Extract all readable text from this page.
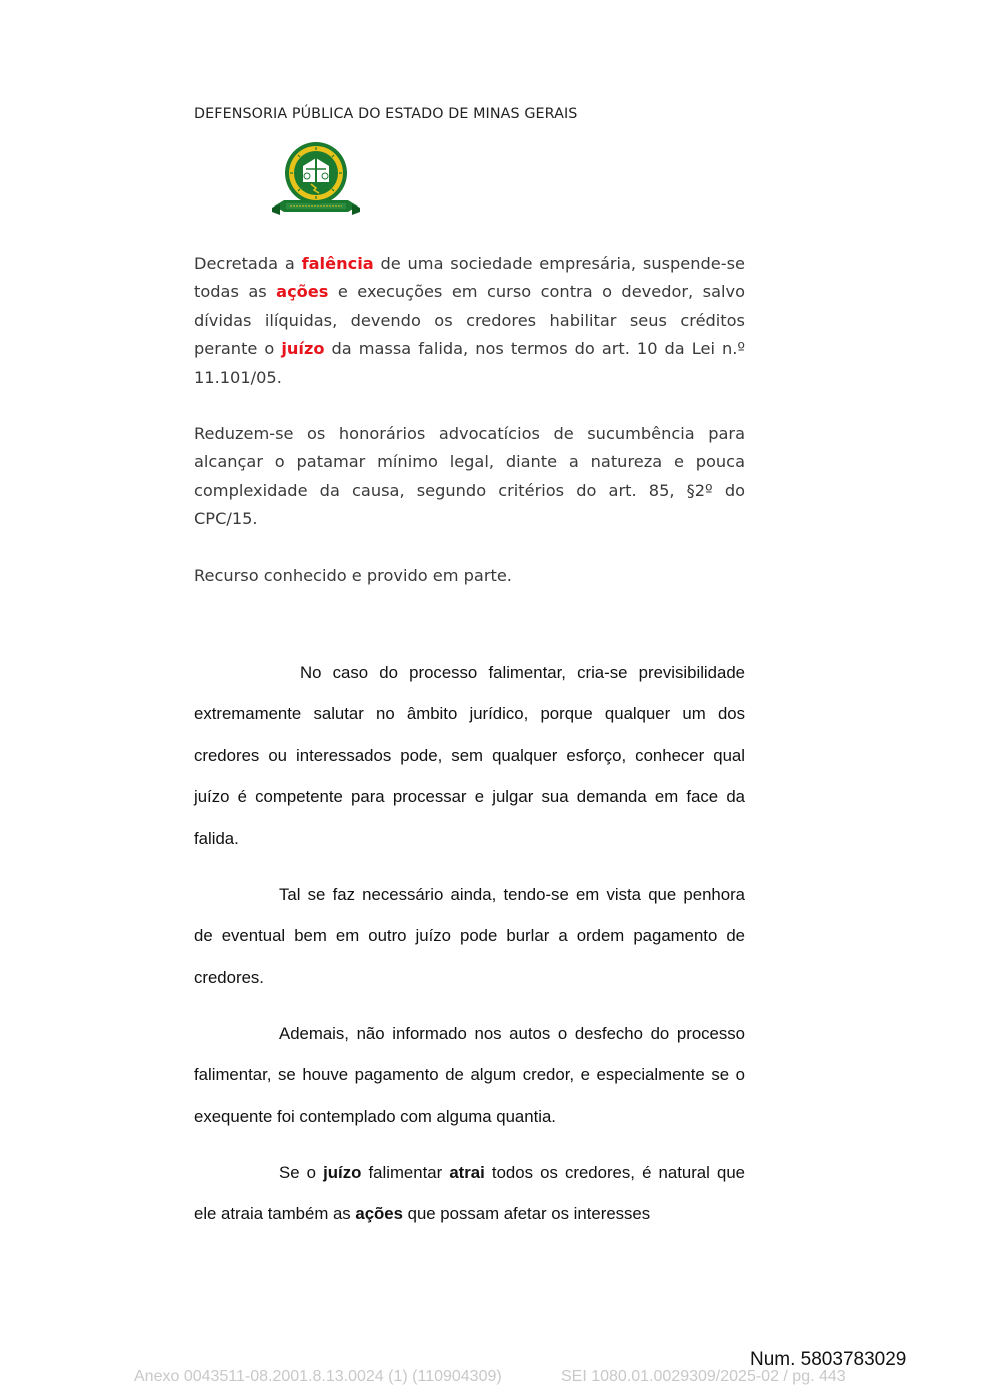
DEFENSORIA PÚBLICA DO ESTADO DE MINAS GERAIS
Decretada a falência de uma sociedade empresária, suspende-se todas as ações e execuções em curso contra o devedor, salvo dívidas ilíquidas, devendo os credores habilitar seus créditos perante o juízo da massa falida, nos termos do art. 10 da Lei n.º 11.101/05.
Reduzem-se os honorários advocatícios de sucumbência para alcançar o patamar mínimo legal, diante a natureza e pouca complexidade da causa, segundo critérios do art. 85, §2º do CPC/15.
Recurso conhecido e provido em parte.
No caso do processo falimentar, cria-se previsibilidade extremamente salutar no âmbito jurídico, porque qualquer um dos credores ou interessados pode, sem qualquer esforço, conhecer qual juízo é competente para processar e julgar sua demanda em face da falida.
Tal se faz necessário ainda, tendo-se em vista que penhora de eventual bem em outro juízo pode burlar a ordem pagamento de credores.
Ademais, não informado nos autos o desfecho do processo falimentar, se houve pagamento de algum credor, e especialmente se o exequente foi contemplado com alguma quantia.
Se o juízo falimentar atrai todos os credores, é natural que ele atraia também as ações que possam afetar os interesses
Num. 5803783029
Anexo 0043511-08.2001.8.13.0024 (1) (110904309)	SEI 1080.01.0029309/2025-02 / pg. 443
